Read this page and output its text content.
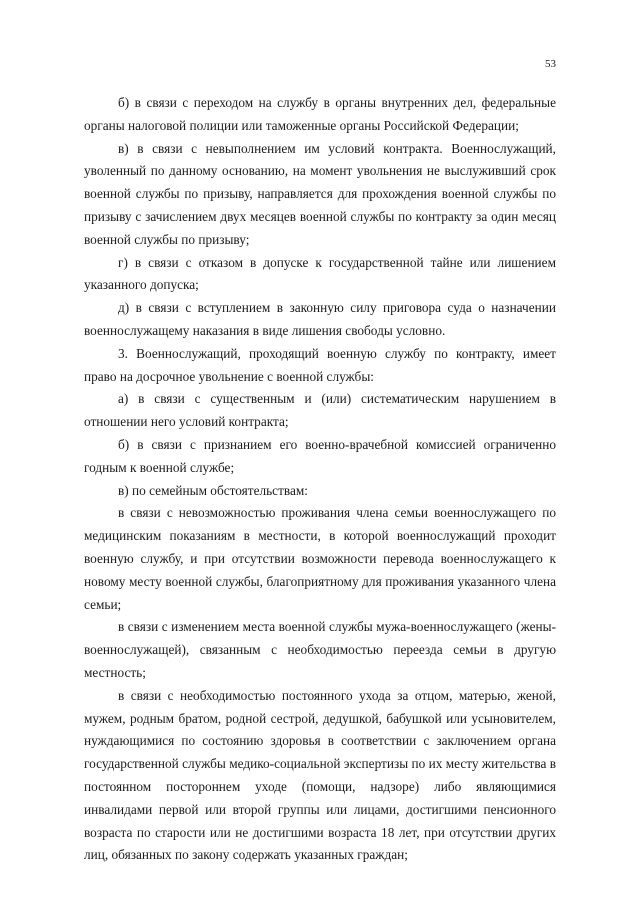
53

б) в связи с переходом на службу в органы внутренних дел, федеральные органы налоговой полиции или таможенные органы Российской Федерации;

в) в связи с невыполнением им условий контракта. Военнослужащий, уволенный по данному основанию, на момент увольнения не выслуживший срок военной службы по призыву, направляется для прохождения военной службы по призыву с зачислением двух месяцев военной службы по контракту за один месяц военной службы по призыву;

г) в связи с отказом в допуске к государственной тайне или лишением указанного допуска;

д) в связи с вступлением в законную силу приговора суда о назначении военнослужащему наказания в виде лишения свободы условно.

3. Военнослужащий, проходящий военную службу по контракту, имеет право на досрочное увольнение с военной службы:

а) в связи с существенным и (или) систематическим нарушением в отношении него условий контракта;

б) в связи с признанием его военно-врачебной комиссией ограниченно годным к военной службе;

в) по семейным обстоятельствам:

в связи с невозможностью проживания члена семьи военнослужащего по медицинским показаниям в местности, в которой военнослужащий проходит военную службу, и при отсутствии возможности перевода военнослужащего к новому месту военной службы, благоприятному для проживания указанного члена семьи;

в связи с изменением места военной службы мужа-военнослужащего (жены-военнослужащей), связанным с необходимостью переезда семьи в другую местность;

в связи с необходимостью постоянного ухода за отцом, матерью, женой, мужем, родным братом, родной сестрой, дедушкой, бабушкой или усыновителем, нуждающимися по состоянию здоровья в соответствии с заключением органа государственной службы медико-социальной экспертизы по их месту жительства в постоянном постороннем уходе (помощи, надзоре) либо являющимися инвалидами первой или второй группы или лицами, достигшими пенсионного возраста по старости или не достигшими возраста 18 лет, при отсутствии других лиц, обязанных по закону содержать указанных граждан;
